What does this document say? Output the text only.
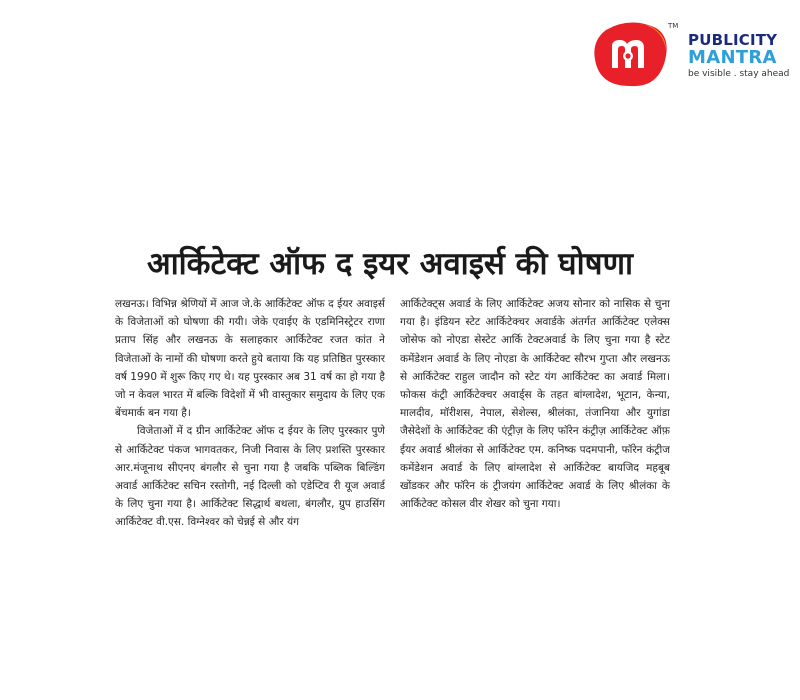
TM
PUBLICITY
MANTRA
be visible . stay ahead
आर्किटेक्ट ऑफ द इयर अवाइर्स की घोषणा

लखनऊ। विभिन्न श्रेणियों में आज जे.के आर्किटेक्ट ऑफ द ईयर अवाइर्स के विजेताओं को घोषणा की गयी। जेके एवाईए के एडमिनिस्ट्रेटर राणा प्रताप सिंह और लखनऊ के सलाहकार आर्किटेक्ट रजत कांत ने विजेताओं के नामों की घोषणा करते हुये बताया कि यह प्रतिष्ठित पुरस्कार वर्ष 1990 में शुरू किए गए थे। यह पुरस्कार अब 31 वर्ष का हो गया है जो न केवल भारत में बल्कि विदेशों में भी वास्तुकार समुदाय के लिए एक बेंचमार्क बन गया है।

विजेताओं में द ग्रीन आर्किटेक्ट ऑफ द ईयर के लिए पुरस्कार पुणे से आर्किटेक्ट पंकज भागवतकर, निजी निवास के लिए प्रशस्ति पुरस्कार आर.मंजूनाथ सीएनए बंगलौर से चुना गया है जबकि पब्लिक बिल्डिंग अवार्ड आर्किटेक्ट सचिन रस्तोगी, नई दिल्ली को एडेप्टिव री यूज अवार्ड के लिए चुना गया है। आर्किटेक्ट सिद्धार्थ बथला, बंगलौर, ग्रुप हाउसिंग आर्किटेक्ट वी.एस. विग्नेश्वर को चेन्नई से और यंग

आर्किटेक्ट्स अवार्ड के लिए आर्किटेक्ट अजय सोनार को नासिक से चुना गया है। इंडियन स्टेट आर्किटेक्चर अवार्डके अंतर्गत आर्किटेक्ट एलेक्स जोसेफ को नोएडा सेस्टेट आर्कि टेक्टअवार्ड के लिए चुना गया है स्टेट कमेंडेशन अवार्ड के लिए नोएडा के आर्किटेक्ट सौरभ गुप्ता और लखनऊ से आर्किटेक्ट राहुल जादौन को स्टेट यंग आर्किटेक्ट का अवार्ड मिला। फोकस कंट्री आर्किटेक्चर अवार्ड्स के तहत बांग्लादेश, भूटान, केन्या, मालदीव, मॉरीशस, नेपाल, सेशेल्स, श्रीलंका, तंजानिया और युगांडा जैसेदेशों के आर्किटेक्ट की एंट्रीज़ के लिए फॉरेन कंट्रीज़ आर्किटेक्ट ऑफ़ ईयर अवार्ड श्रीलंका से आर्किटेक्ट एम. कनिष्क पदमपानी, फॉरेन कंट्रीज कमेंडेशन अवार्ड के लिए बांग्लादेश से आर्किटेक्ट बायजिद महबूब खोंडकर और फॉरेन कं ट्रीजयंग आर्किटेक्ट अवार्ड के लिए श्रीलंका के आर्किटेक्ट कोसल वीर शेखर को चुना गया।
